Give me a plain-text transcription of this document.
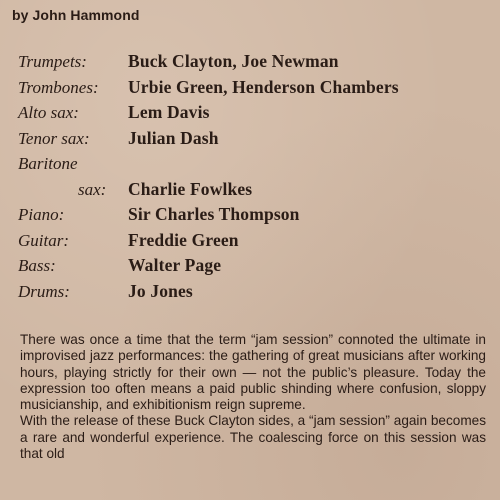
by John Hammond
Trumpets: Buck Clayton, Joe Newman
Trombones: Urbie Green, Henderson Chambers
Alto sax:	Lem Davis
Tenor sax: Julian Dash
Baritone
sax: Charlie Fowlkes
Piano:	Sir Charles Thompson
Guitar:	Freddie Green
Bass:	Walter Page
Drums:	Jo Jones

There was once a time that the term “jam session” connoted the ultimate in improvised jazz performances: the gathering of great musicians after working hours, playing strictly for their own — not the public’s pleasure. Today the expression too often means a paid public shinding where confusion, sloppy musicianship, and exhibitionism reign supreme.

With the release of these Buck Clayton sides, a “jam session” again becomes a rare and wonderful experience. The coalescing force on this session was that old
